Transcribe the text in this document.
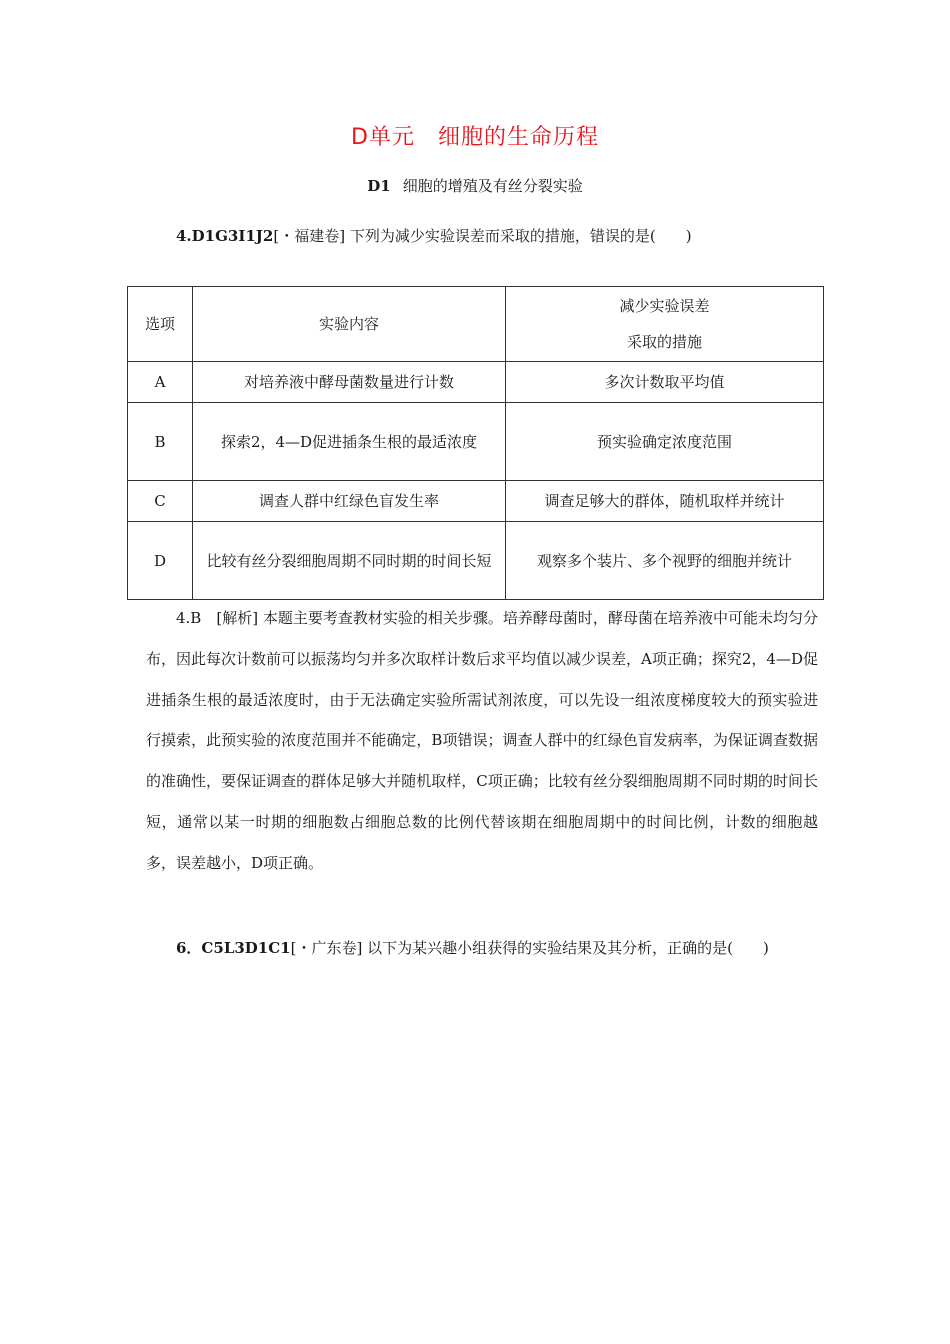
D单元　细胞的生命历程
D1 细胞的增殖及有丝分裂实验
4.D1G3I1J2[・福建卷] 下列为减少实验误差而采取的措施，错误的是(　　)
选项	实验内容	减少实验误差
采取的措施

A	对培养液中酵母菌数量进行计数	多次计数取平均值
B	探索2，4—D促进插条生根的最适浓度	预实验确定浓度范围
C	调查人群中红绿色盲发生率	调查足够大的群体，随机取样并统计
D	比较有丝分裂细胞周期不同时期的时间长短	观察多个装片、多个视野的细胞并统计

4.B　[解析] 本题主要考查教材实验的相关步骤。培养酵母菌时，酵母菌在培养液中可能未均匀分布，因此每次计数前可以振荡均匀并多次取样计数后求平均值以减少误差，A项正确；探究2，4—D促进插条生根的最适浓度时，由于无法确定实验所需试剂浓度，可以先设一组浓度梯度较大的预实验进行摸索，此预实验的浓度范围并不能确定，B项错误；调查人群中的红绿色盲发病率，为保证调查数据的准确性，要保证调查的群体足够大并随机取样，C项正确；比较有丝分裂细胞周期不同时期的时间长短，通常以某一时期的细胞数占细胞总数的比例代替该期在细胞周期中的时间比例，计数的细胞越多，误差越小，D项正确。

6．C5L3D1C1[・广东卷] 以下为某兴趣小组获得的实验结果及其分析，正确的是(　　)
